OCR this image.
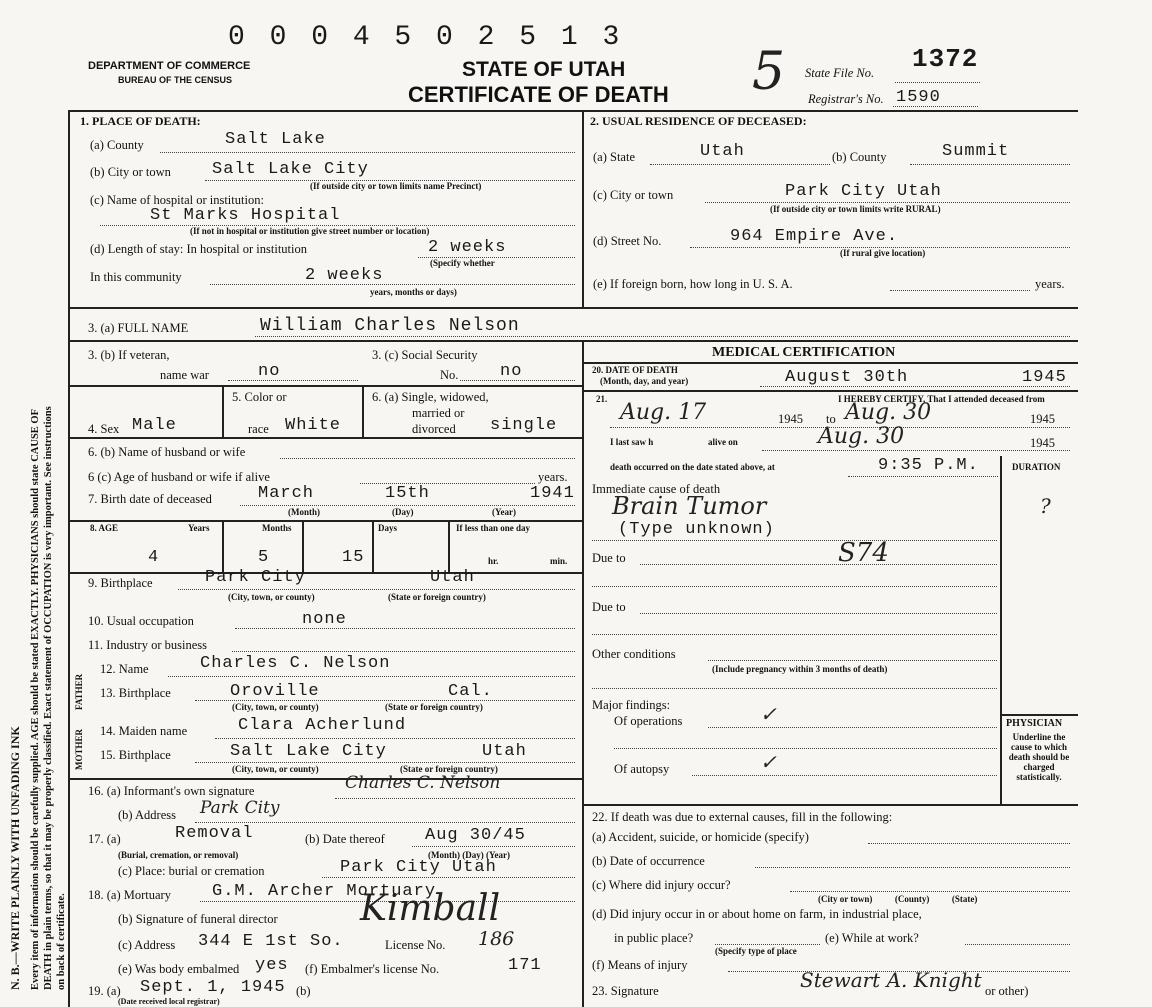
Every item of information should be carefully supplied. AGE should be stated EXACTLY. PHYSICIANS should state CAUSE OF DEATH in plain terms, so that it may be properly classified. Exact statement of OCCUPATION is very important. See instructions on back of certificate.
N. B.—WRITE PLAINLY WITH UNFADING INK
0 0 0 4 5 0 2 5 1 3
DEPARTMENT OF COMMERCE
BUREAU OF THE CENSUS	STATE OF UTAH
CERTIFICATE OF DEATH 5 State File No. 1372
Registrar's No. 1590
1. PLACE OF DEATH:
(a) County	Salt Lake
(b) City or town Salt Lake City
(If outside city or town limits name Precinct)
(c) Name of hospital or institution:
St Marks Hospital
(If not in hospital or institution give street number or location)
(d) Length of stay: In hospital or institution	2 weeks
(Specify whether
In this community	2 weeks
years, months or days)
2. USUAL RESIDENCE OF DECEASED:
(a) State	Utah	(b) County	Summit
(c) City or town	Park City Utah
(If outside city or town limits write RURAL)
(d) Street No.	964 Empire Ave.
(If rural give location)
(e) If foreign born, how long in U. S. A.	years.
3. (a) FULL NAME	William Charles Nelson
3. (b) If veteran,
name war	no
3. (c) Social Security
No. no
4. Sex Male
5. Color or
race White
6. (a) Single, widowed,
married or
divorced single
6. (b) Name of husband or wife
6 (c) Age of husband or wife if alive	years.
7. Birth date of deceased	March	15th	1941
(Month)	(Day)	(Year)
8. AGE	Years	Months	Days	If less than one day
4	5	15	hr.	min.
9. Birthplace	Park City	Utah
(City, town, or county)	(State or foreign country)
10. Usual occupation	none
11. Industry or business
FATHER
MOTHER
12. Name	Charles C. Nelson
13. Birthplace	Oroville	Cal.
(City, town, or county)	(State or foreign country)
14. Maiden name	Clara Acherlund
15. Birthplace	Salt Lake City	Utah
(City, town, or county)	(State or foreign country)
16. (a) Informant's own signature	Charles C. Nelson
(b) Address Park City
17. (a)	Removal
(Burial, cremation, or removal)
(b) Date thereof Aug 30/45
(Month) (Day) (Year)
(c) Place: burial or cremation	Park City Utah
18. (a) Mortuary G.M. Archer Mortuary
(b) Signature of funeral director Kimball
(c) Address 344 E 1st So.	License No. 186
(e) Was body embalmed yes (f) Embalmer's license No.	171
19. (a) Sept. 1, 1945
(Date received local registrar)
(b)
MEDICAL CERTIFICATION
20. DATE OF DEATH
(Month, day, and year)	August 30th	1945
21.	I HEREBY CERTIFY, That I attended deceased from
Aug. 17	1945 to Aug. 30	1945
I last saw h	alive on	Aug. 30	1945
death occurred on the date stated above, at	9:35 P.M.	DURATION
Immediate cause of death
Brain Tumor
(Type unknown)
?
Due to	S74
Due to
Other conditions
(Include pregnancy within 3 months of death)
Major findings:
Of operations	✓
Of autopsy	✓
PHYSICIAN
Underline the cause to which death should be charged statistically.
22. If death was due to external causes, fill in the following:
(a) Accident, suicide, or homicide (specify)
(b) Date of occurrence
(c) Where did injury occur?
(City or town)          (County)          (State)
(d) Did injury occur in or about home on farm, in industrial place,
in public place?
(Specify type of place
(e) While at work?
(f) Means of injury
23. Signature	Stewart A. Knight or other)
